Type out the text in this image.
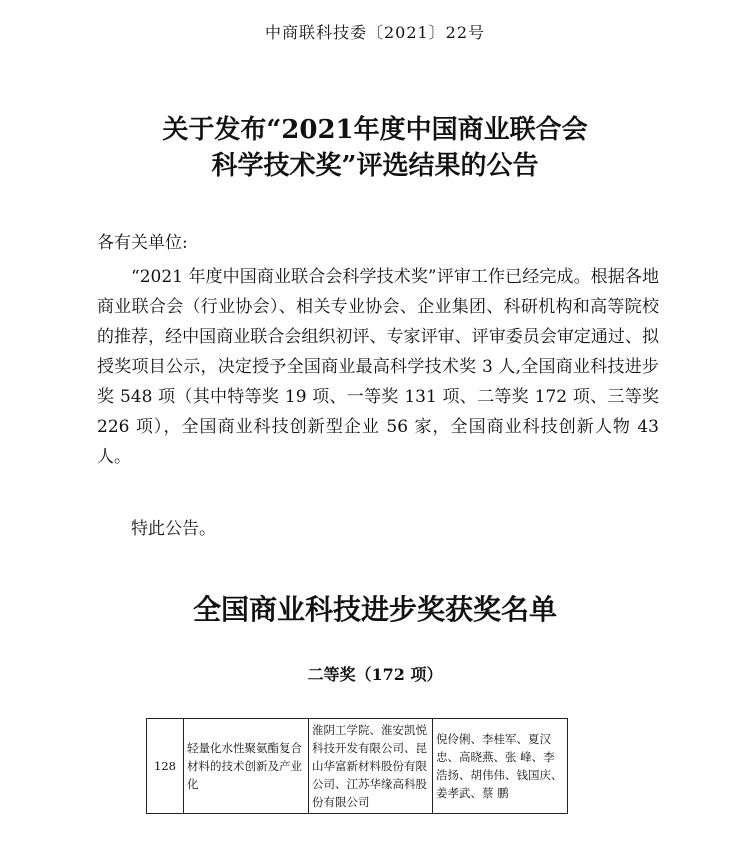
中商联科技委〔2021〕22号
关于发布“2021年度中国商业联合会
科学技术奖”评选结果的公告
各有关单位:

“2021 年度中国商业联合会科学技术奖”评审工作已经完成。根据各地商业联合会（行业协会）、相关专业协会、企业集团、科研机构和高等院校的推荐，经中国商业联合会组织初评、专家评审、评审委员会审定通过、拟授奖项目公示，决定授予全国商业最高科学技术奖 3 人,全国商业科技进步奖 548 项（其中特等奖 19 项、一等奖 131 项、二等奖 172 项、三等奖 226 项），全国商业科技创新型企业 56 家，全国商业科技创新人物 43 人。

特此公告。
全国商业科技进步奖获奖名单
二等奖（172 项）
128	轻量化水性聚氨酯复合材料的技术创新及产业化	淮阴工学院、淮安凯悦科技开发有限公司、昆山华富新材料股份有限公司、江苏华缘高科股份有限公司	倪伶俐、李桂军、夏汉忠、高晓燕、张 峰、李浩扬、胡伟伟、钱国庆、姜孝武、蔡 鹏
